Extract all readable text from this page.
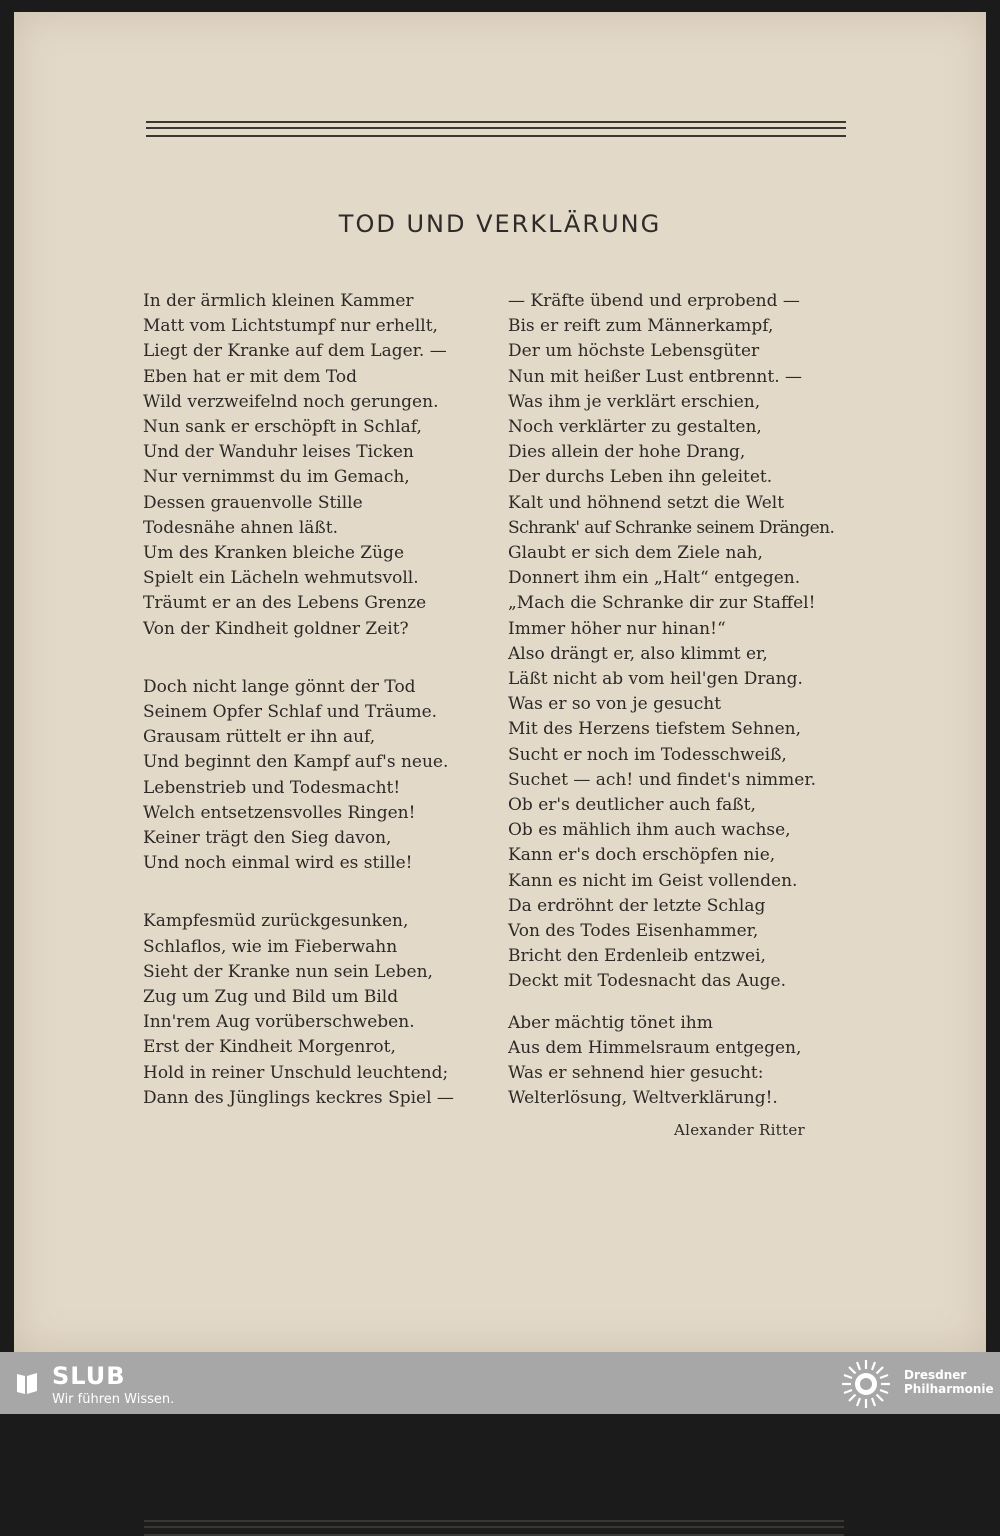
TOD UND VERKLÄRUNG
In der ärmlich kleinen Kammer
Matt vom Lichtstumpf nur erhellt,
Liegt der Kranke auf dem Lager. —
Eben hat er mit dem Tod
Wild verzweifelnd noch gerungen.
Nun sank er erschöpft in Schlaf,
Und der Wanduhr leises Ticken
Nur vernimmst du im Gemach,
Dessen grauenvolle Stille
Todesnähe ahnen läßt.
Um des Kranken bleiche Züge
Spielt ein Lächeln wehmutsvoll.
Träumt er an des Lebens Grenze
Von der Kindheit goldner Zeit?
Doch nicht lange gönnt der Tod
Seinem Opfer Schlaf und Träume.
Grausam rüttelt er ihn auf,
Und beginnt den Kampf auf's neue.
Lebenstrieb und Todesmacht!
Welch entsetzensvolles Ringen!
Keiner trägt den Sieg davon,
Und noch einmal wird es stille!
Kampfesmüd zurückgesunken,
Schlaflos, wie im Fieberwahn
Sieht der Kranke nun sein Leben,
Zug um Zug und Bild um Bild
Inn'rem Aug vorüberschweben.
Erst der Kindheit Morgenrot,
Hold in reiner Unschuld leuchtend;
Dann des Jünglings keckres Spiel —
— Kräfte übend und erprobend —
Bis er reift zum Männerkampf,
Der um höchste Lebensgüter
Nun mit heißer Lust entbrennt. —
Was ihm je verklärt erschien,
Noch verklärter zu gestalten,
Dies allein der hohe Drang,
Der durchs Leben ihn geleitet.
Kalt und höhnend setzt die Welt
Schrank' auf Schranke seinem Drängen.
Glaubt er sich dem Ziele nah,
Donnert ihm ein „Halt“ entgegen.
„Mach die Schranke dir zur Staffel!
Immer höher nur hinan!“
Also drängt er, also klimmt er,
Läßt nicht ab vom heil'gen Drang.
Was er so von je gesucht
Mit des Herzens tiefstem Sehnen,
Sucht er noch im Todesschweiß,
Suchet — ach! und findet's nimmer.
Ob er's deutlicher auch faßt,
Ob es mählich ihm auch wachse,
Kann er's doch erschöpfen nie,
Kann es nicht im Geist vollenden.
Da erdröhnt der letzte Schlag
Von des Todes Eisenhammer,
Bricht den Erdenleib entzwei,
Deckt mit Todesnacht das Auge.
Aber mächtig tönet ihm
Aus dem Himmelsraum entgegen,
Was er sehnend hier gesucht:
Welterlösung, Weltverklärung!.
Alexander Ritter
SLUB
Wir führen Wissen.
Dresdner
Philharmonie
